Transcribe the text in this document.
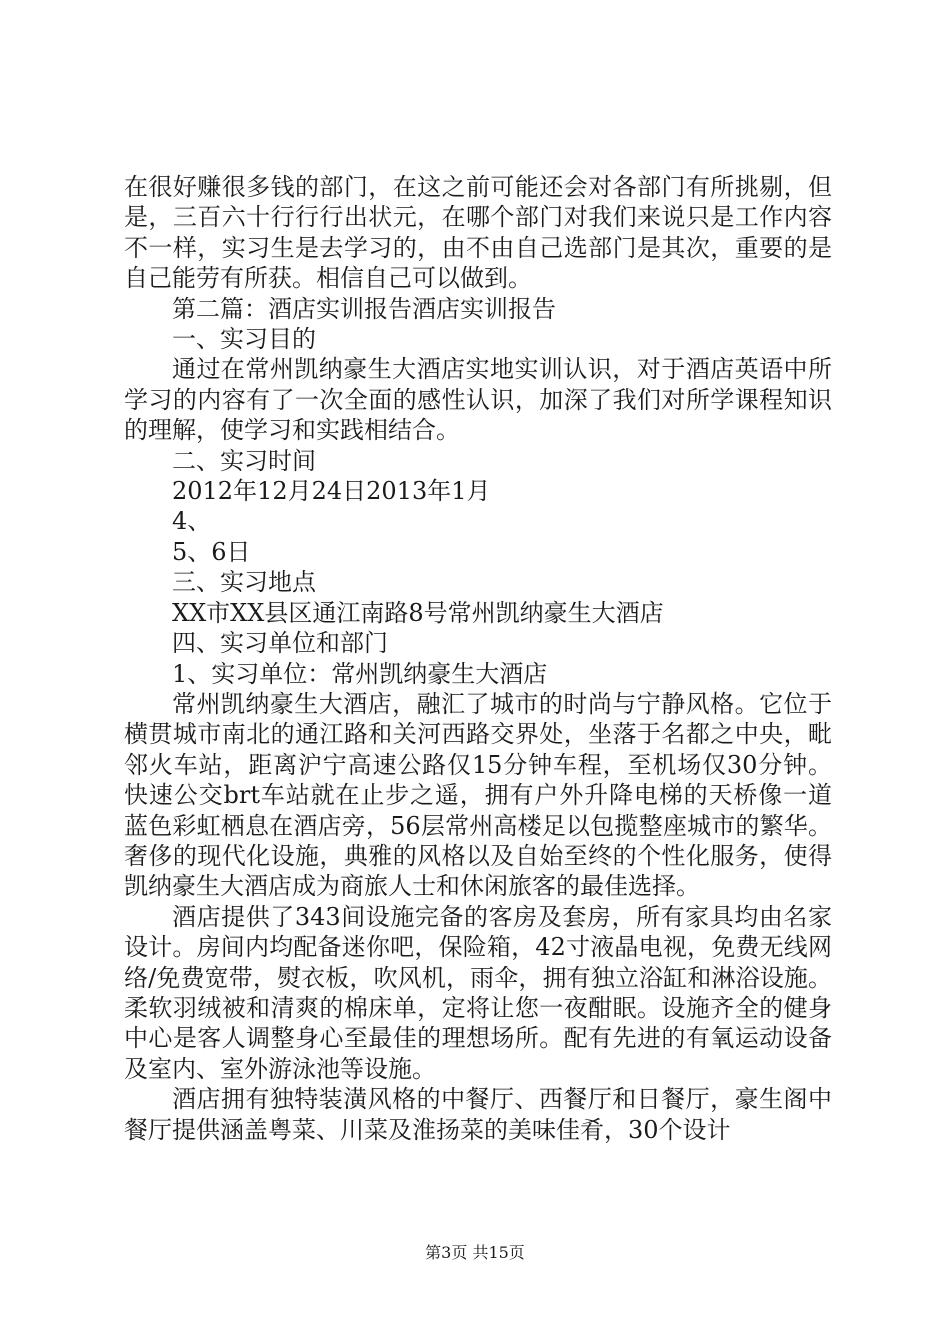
在很好赚很多钱的部门，在这之前可能还会对各部门有所挑剔，但是，三百六十行行行出状元，在哪个部门对我们来说只是工作内容不一样，实习生是去学习的，由不由自己选部门是其次，重要的是自己能劳有所获。相信自己可以做到。

第二篇：酒店实训报告酒店实训报告

一、实习目的

通过在常州凯纳豪生大酒店实地实训认识，对于酒店英语中所学习的内容有了一次全面的感性认识，加深了我们对所学课程知识的理解，使学习和实践相结合。

二、实习时间

2012年12月24日2013年1月

4、

5、6日

三、实习地点

XX市XX县区通江南路8号常州凯纳豪生大酒店

四、实习单位和部门

1、实习单位：常州凯纳豪生大酒店

常州凯纳豪生大酒店，融汇了城市的时尚与宁静风格。它位于横贯城市南北的通江路和关河西路交界处，坐落于名都之中央，毗邻火车站，距离沪宁高速公路仅15分钟车程，至机场仅30分钟。快速公交brt车站就在止步之遥，拥有户外升降电梯的天桥像一道蓝色彩虹栖息在酒店旁，56层常州高楼足以包揽整座城市的繁华。奢侈的现代化设施，典雅的风格以及自始至终的个性化服务，使得凯纳豪生大酒店成为商旅人士和休闲旅客的最佳选择。

酒店提供了343间设施完备的客房及套房，所有家具均由名家设计。房间内均配备迷你吧，保险箱，42寸液晶电视，免费无线网络/免费宽带，熨衣板，吹风机，雨伞，拥有独立浴缸和淋浴设施。柔软羽绒被和清爽的棉床单，定将让您一夜酣眠。设施齐全的健身中心是客人调整身心至最佳的理想场所。配有先进的有氧运动设备及室内、室外游泳池等设施。

酒店拥有独特装潢风格的中餐厅、西餐厅和日餐厅，豪生阁中餐厅提供涵盖粤菜、川菜及淮扬菜的美味佳肴，30个设计

第3页 共15页
